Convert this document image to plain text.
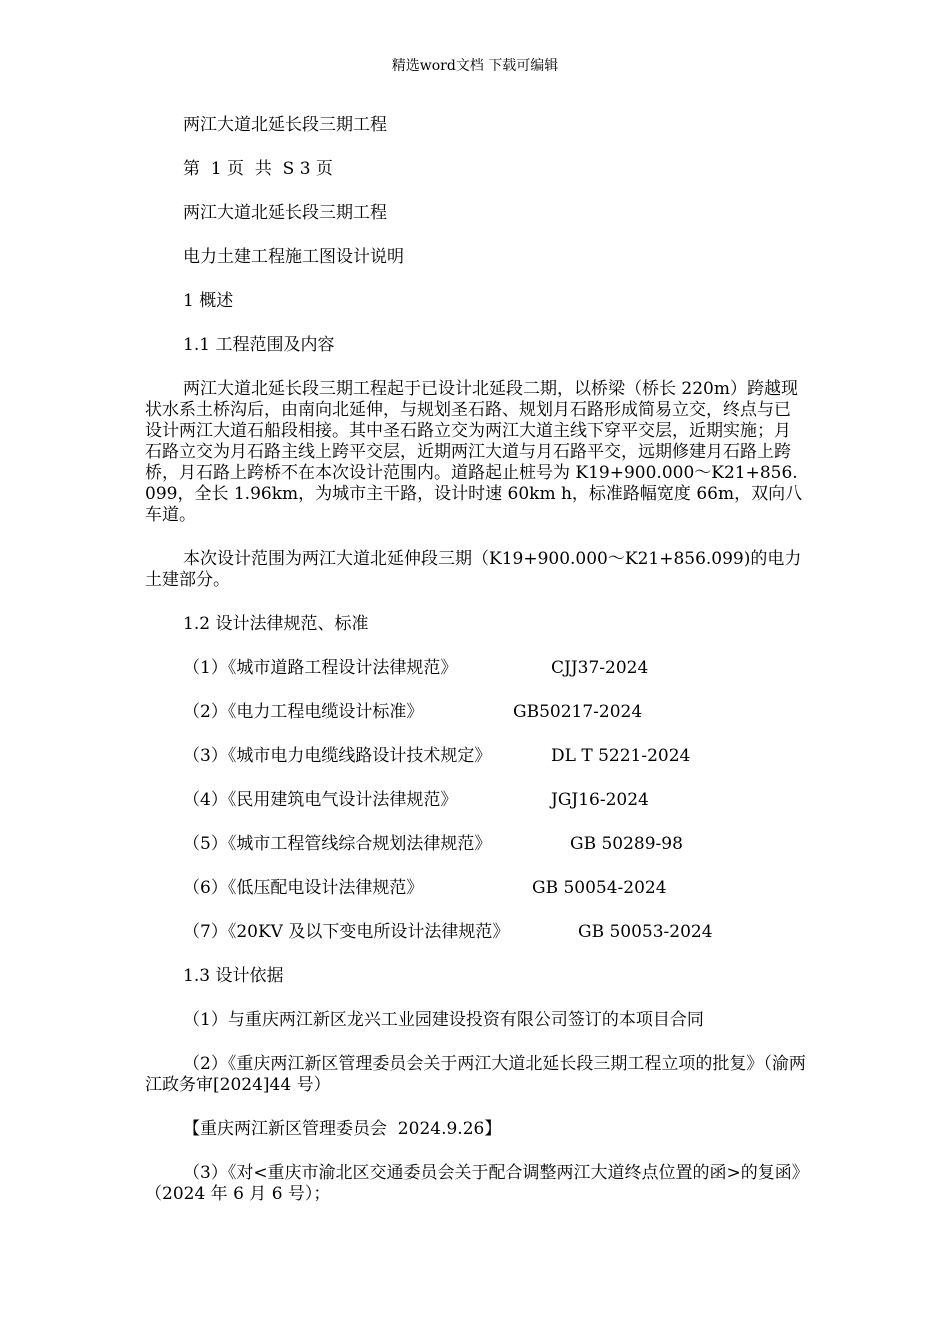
精选word文档 下载可编辑

两江大道北延长段三期工程

第  1 页  共  S 3 页

两江大道北延长段三期工程

电力土建工程施工图设计说明

1 概述

1.1 工程范围及内容

两江大道北延长段三期工程起于已设计北延段二期，以桥梁（桥长 220m）跨越现状水系土桥沟后，由南向北延伸，与规划圣石路、规划月石路形成简易立交，终点与已设计两江大道石船段相接。其中圣石路立交为两江大道主线下穿平交层，近期实施；月石路立交为月石路主线上跨平交层，近期两江大道与月石路平交，远期修建月石路上跨桥，月石路上跨桥不在本次设计范围内。道路起止桩号为 K19+900.000～K21+856.099，全长 1.96km，为城市主干路，设计时速 60km h，标准路幅宽度 66m，双向八车道。

本次设计范围为两江大道北延伸段三期（K19+900.000～K21+856.099)的电力土建部分。

1.2 设计法律规范、标准

（1）《城市道路工程设计法律规范》	CJJ37-2024
（2）《电力工程电缆设计标准》	GB50217-2024
（3）《城市电力电缆线路设计技术规定》	DL T 5221-2024
（4）《民用建筑电气设计法律规范》	JGJ16-2024
（5）《城市工程管线综合规划法律规范》	GB 50289-98
（6）《低压配电设计法律规范》	GB 50054-2024
（7）《20KV 及以下变电所设计法律规范》	GB 50053-2024

1.3 设计依据

（1）与重庆两江新区龙兴工业园建设投资有限公司签订的本项目合同

（2）《重庆两江新区管理委员会关于两江大道北延长段三期工程立项的批复》（渝两江政务审[2024]44 号）

【重庆两江新区管理委员会  2024.9.26】

（3）《对<重庆市渝北区交通委员会关于配合调整两江大道终点位置的函>的复函》（2024 年 6 月 6 号）；
